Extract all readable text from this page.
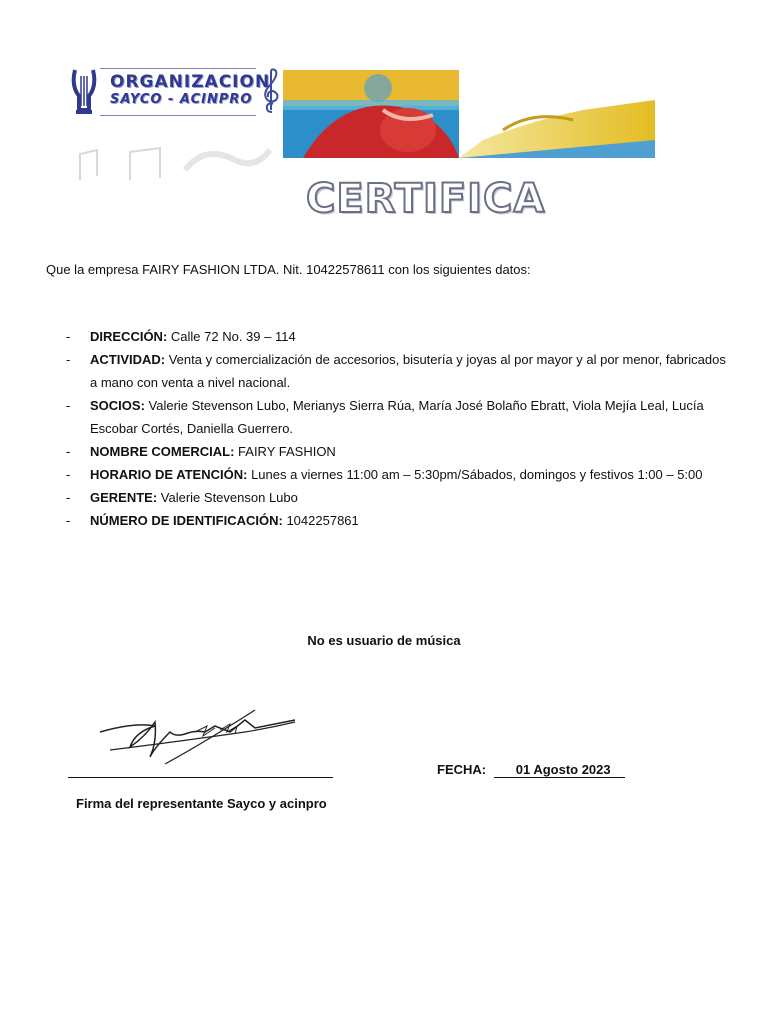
ORGANIZACION
SAYCO - ACINPRO
CERTIFICA
Que la empresa FAIRY FASHION LTDA. Nit. 10422578611 con los siguientes datos:
- DIRECCIÓN: Calle 72 No. 39 – 114
- ACTIVIDAD: Venta y comercialización de accesorios, bisutería y joyas al por mayor y al por menor, fabricados a mano con venta a nivel nacional.
- SOCIOS: Valerie Stevenson Lubo, Merianys Sierra Rúa, María José Bolaño Ebratt, Viola Mejía Leal, Lucía Escobar Cortés, Daniella Guerrero.
- NOMBRE COMERCIAL: FAIRY FASHION
- HORARIO DE ATENCIÓN: Lunes a viernes 11:00 am – 5:30pm/Sábados, domingos y festivos 1:00 – 5:00
- GERENTE: Valerie Stevenson Lubo
- NÚMERO DE IDENTIFICACIÓN: 1042257861
No es usuario de música
Firma del representante Sayco y acinpro
FECHA: 01 Agosto 2023
